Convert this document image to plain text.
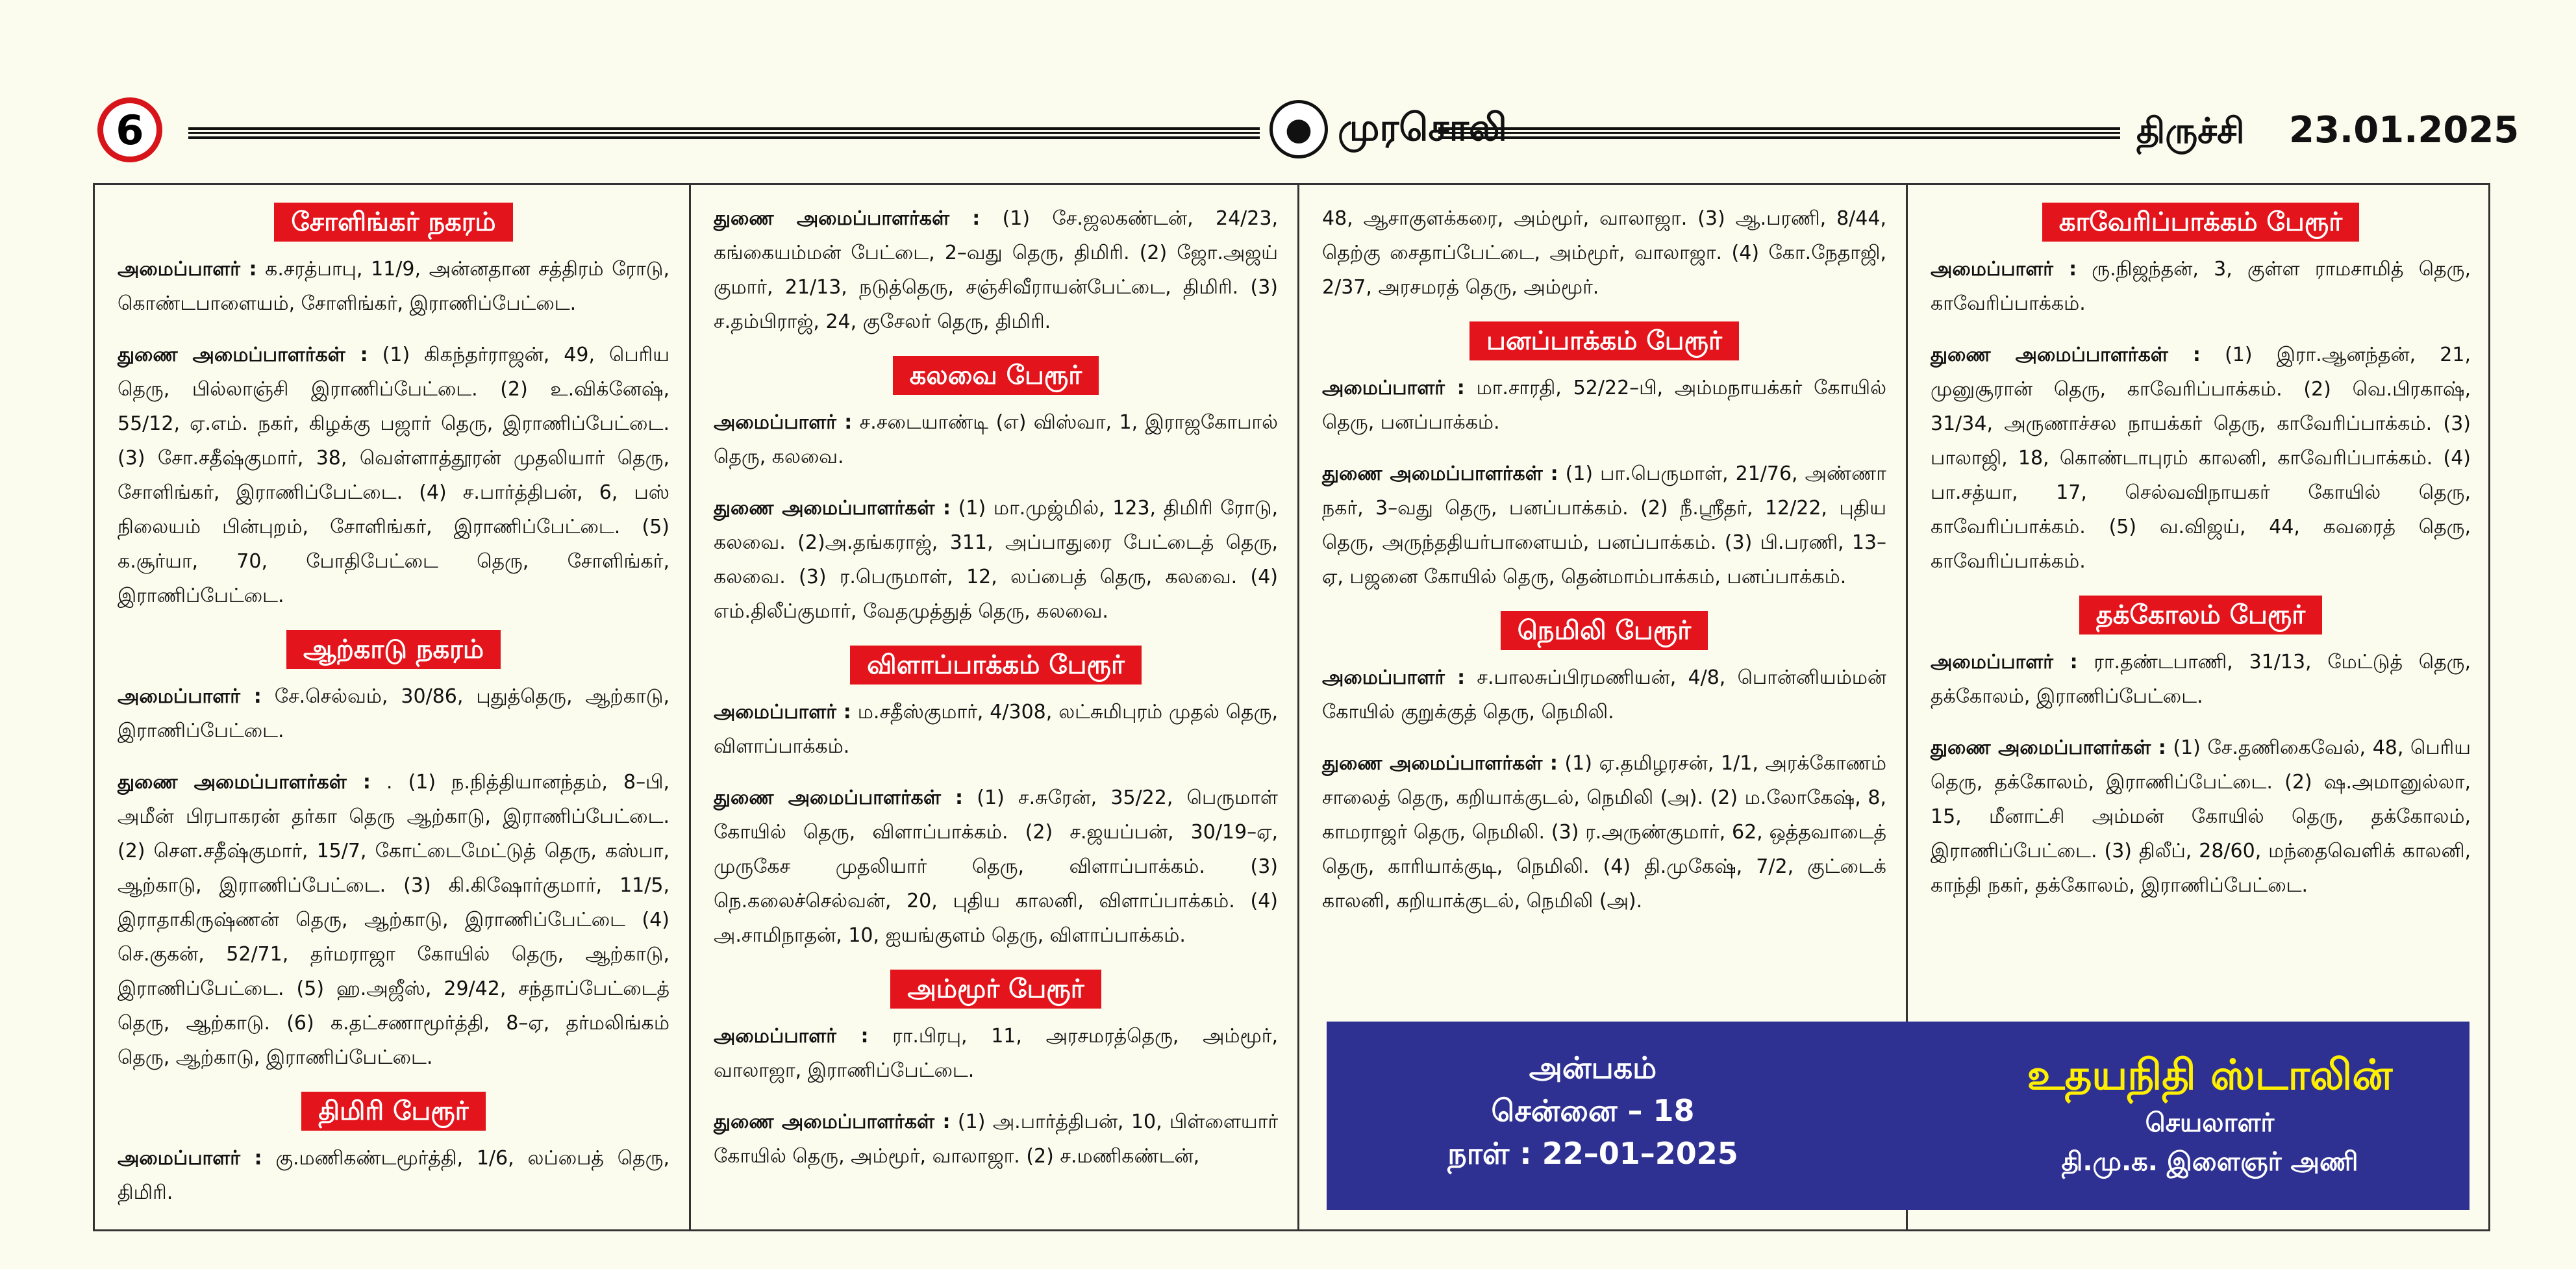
6	● முரசொலி	திருச்சி 23.01.2025
சோளிங்கர் நகரம்

அமைப்பாளர் : க.சரத்பாபு, 11/9, அன்னதான சத்திரம் ரோடு, கொண்டபாளையம், சோளிங்கர், இராணிப்பேட்டை.

துணை அமைப்பாளர்கள் : (1) கிகந்தர்ராஜன், 49, பெரிய தெரு, பில்லாஞ்சி இராணிப்பேட்டை. (2) உ.விக்னேஷ், 55/12, ஏ.எம். நகர், கிழக்கு பஜார் தெரு, இராணிப்பேட்டை. (3) சோ.சதீஷ்குமார், 38, வெள்ளாத்தூரன் முதலியார் தெரு, சோளிங்கர், இராணிப்பேட்டை. (4) ச.பார்த்திபன், 6, பஸ் நிலையம் பின்புறம், சோளிங்கர், இராணிப்பேட்டை. (5) க.சூர்யா, 70, போதிபேட்டை தெரு, சோளிங்கர், இராணிப்பேட்டை.

ஆற்காடு நகரம்

அமைப்பாளர் : சே.செல்வம், 30/86, புதுத்தெரு, ஆற்காடு, இராணிப்பேட்டை.

துணை அமைப்பாளர்கள் : . (1) ந.நித்தியானந்தம், 8–பி, அமீன் பிரபாகரன் தர்கா தெரு ஆற்காடு, இராணிப்பேட்டை. (2) சௌ.சதீஷ்குமார், 15/7, கோட்டைமேட்டுத் தெரு, கஸ்பா, ஆற்காடு, இராணிப்பேட்டை. (3) கி.கிஷோர்குமார், 11/5, இராதாகிருஷ்ணன் தெரு, ஆற்காடு, இராணிப்பேட்டை (4) செ.குகன், 52/71, தர்மராஜா கோயில் தெரு, ஆற்காடு, இராணிப்பேட்டை. (5) ஹ.அஜீஸ், 29/42, சந்தாப்பேட்டைத் தெரு, ஆற்காடு. (6) க.தட்சணாமூர்த்தி, 8–ஏ, தர்மலிங்கம் தெரு, ஆற்காடு, இராணிப்பேட்டை.

திமிரி பேரூர்

அமைப்பாளர் : கு.மணிகண்டமூர்த்தி, 1/6, லப்பைத் தெரு, திமிரி.

துணை அமைப்பாளர்கள் : (1) சே.ஜலகண்டன், 24/23, கங்கையம்மன் பேட்டை, 2–வது தெரு, திமிரி. (2) ஜோ.அஜய் குமார், 21/13, நடுத்தெரு, சஞ்சிவீராயன்பேட்டை, திமிரி. (3) ச.தம்பிராஜ், 24, குசேலர் தெரு, திமிரி.

கலவை பேரூர்

அமைப்பாளர் : ச.சடையாண்டி (எ) விஸ்வா, 1, இராஜகோபால் தெரு, கலவை.

துணை அமைப்பாளர்கள் : (1) மா.முஜ்மில், 123, திமிரி ரோடு, கலவை. (2)அ.தங்கராஜ், 311, அப்பாதுரை பேட்டைத் தெரு, கலவை. (3) ர.பெருமாள், 12, லப்பைத் தெரு, கலவை. (4) எம்.திலீப்குமார், வேதமுத்துத் தெரு, கலவை.

விளாப்பாக்கம் பேரூர்

அமைப்பாளர் : ம.சதீஸ்குமார், 4/308, லட்சுமிபுரம் முதல் தெரு, விளாப்பாக்கம்.

துணை அமைப்பாளர்கள் : (1) ச.சுரேன், 35/22, பெருமாள் கோயில் தெரு, விளாப்பாக்கம். (2) ச.ஜயப்பன், 30/19–ஏ, முருகேச முதலியார் தெரு, விளாப்பாக்கம். (3) நெ.கலைச்செல்வன், 20, புதிய காலனி, விளாப்பாக்கம். (4) அ.சாமிநாதன், 10, ஐயங்குளம் தெரு, விளாப்பாக்கம்.

அம்மூர் பேரூர்

அமைப்பாளர் : ரா.பிரபு, 11, அரசமரத்தெரு, அம்மூர், வாலாஜா, இராணிப்பேட்டை.

துணை அமைப்பாளர்கள் : (1) அ.பார்த்திபன், 10, பிள்ளையார் கோயில் தெரு, அம்மூர், வாலாஜா. (2) ச.மணிகண்டன்,

48, ஆசாகுளக்கரை, அம்மூர், வாலாஜா. (3) ஆ.பரணி, 8/44, தெற்கு சைதாப்பேட்டை, அம்மூர், வாலாஜா. (4) கோ.நேதாஜி, 2/37, அரசமரத் தெரு, அம்மூர்.

பனப்பாக்கம் பேரூர்

அமைப்பாளர் : மா.சாரதி, 52/22–பி, அம்மநாயக்கர் கோயில் தெரு, பனப்பாக்கம்.

துணை அமைப்பாளர்கள் : (1) பா.பெருமாள், 21/76, அண்ணா நகர், 3–வது தெரு, பனப்பாக்கம். (2) நீ.ஸ்ரீதர், 12/22, புதிய தெரு, அருந்ததியர்பாளையம், பனப்பாக்கம். (3) பி.பரணி, 13–ஏ, பஜனை கோயில் தெரு, தென்மாம்பாக்கம், பனப்பாக்கம்.

நெமிலி பேரூர்

அமைப்பாளர் : ச.பாலசுப்பிரமணியன், 4/8, பொன்னியம்மன் கோயில் குறுக்குத் தெரு, நெமிலி.

துணை அமைப்பாளர்கள் : (1) ஏ.தமிழரசன், 1/1, அரக்கோணம் சாலைத் தெரு, கறியாக்குடல், நெமிலி (அ). (2) ம.லோகேஷ், 8, காமராஜர் தெரு, நெமிலி. (3) ர.அருண்குமார், 62, ஒத்தவாடைத் தெரு, காரியாக்குடி, நெமிலி. (4) தி.முகேஷ், 7/2, குட்டைக் காலனி, கறியாக்குடல், நெமிலி (அ).

காவேரிப்பாக்கம் பேரூர்

அமைப்பாளர் : ரு.நிஜந்தன், 3, குள்ள ராமசாமித் தெரு, காவேரிப்பாக்கம்.

துணை அமைப்பாளர்கள் : (1) இரா.ஆனந்தன், 21, முனுசூரான் தெரு, காவேரிப்பாக்கம். (2) வெ.பிரகாஷ், 31/34, அருணாச்சல நாயக்கர் தெரு, காவேரிப்பாக்கம். (3) பாலாஜி, 18, கொண்டாபுரம் காலனி, காவேரிப்பாக்கம். (4) பா.சத்யா, 17, செல்வவிநாயகர் கோயில் தெரு, காவேரிப்பாக்கம். (5) வ.விஜய், 44, கவரைத் தெரு, காவேரிப்பாக்கம்.

தக்கோலம் பேரூர்

அமைப்பாளர் : ரா.தண்டபாணி, 31/13, மேட்டுத் தெரு, தக்கோலம், இராணிப்பேட்டை.

துணை அமைப்பாளர்கள் : (1) சே.தணிகைவேல், 48, பெரிய தெரு, தக்கோலம், இராணிப்பேட்டை. (2) ஷ.அமானுல்லா, 15, மீனாட்சி அம்மன் கோயில் தெரு, தக்கோலம், இராணிப்பேட்டை. (3) திலீப், 28/60, மந்தைவெளிக் காலனி, காந்தி நகர், தக்கோலம், இராணிப்பேட்டை.

அன்பகம்
சென்னை – 18
நாள் : 22–01–2025
உதயநிதி ஸ்டாலின்
செயலாளர்
தி.மு.க. இளைஞர் அணி
